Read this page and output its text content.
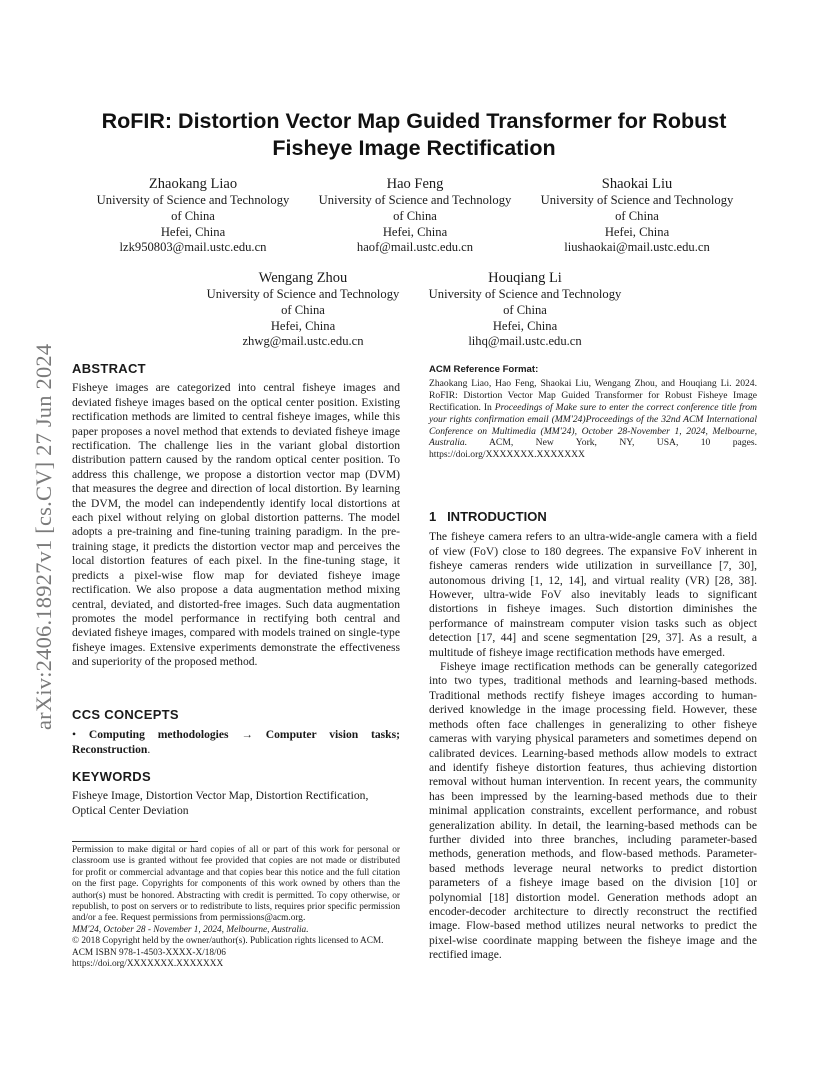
arXiv:2406.18927v1 [cs.CV] 27 Jun 2024
RoFIR: Distortion Vector Map Guided Transformer for Robust Fisheye Image Rectification
Zhaokang Liao
University of Science and Technology
of China
Hefei, China
lzk950803@mail.ustc.edu.cn
Hao Feng
University of Science and Technology
of China
Hefei, China
haof@mail.ustc.edu.cn
Shaokai Liu
University of Science and Technology
of China
Hefei, China
liushaokai@mail.ustc.edu.cn
Wengang Zhou
University of Science and Technology
of China
Hefei, China
zhwg@mail.ustc.edu.cn
Houqiang Li
University of Science and Technology
of China
Hefei, China
lihq@mail.ustc.edu.cn
ABSTRACT

Fisheye images are categorized into central fisheye images and deviated fisheye images based on the optical center position. Existing rectification methods are limited to central fisheye images, while this paper proposes a novel method that extends to deviated fisheye image rectification. The challenge lies in the variant global distortion distribution pattern caused by the random optical center position. To address this challenge, we propose a distortion vector map (DVM) that measures the degree and direction of local distortion. By learning the DVM, the model can independently identify local distortions at each pixel without relying on global distortion patterns. The model adopts a pre-training and fine-tuning training paradigm. In the pre-training stage, it predicts the distortion vector map and perceives the local distortion features of each pixel. In the fine-tuning stage, it predicts a pixel-wise flow map for deviated fisheye image rectification. We also propose a data augmentation method mixing central, deviated, and distorted-free images. Such data augmentation promotes the model performance in rectifying both central and deviated fisheye images, compared with models trained on single-type fisheye images. Extensive experiments demonstrate the effectiveness and superiority of the proposed method.

CCS CONCEPTS

• Computing methodologies → Computer vision tasks; Reconstruction.

KEYWORDS

Fisheye Image, Distortion Vector Map, Distortion Rectification, Optical Center Deviation

Permission to make digital or hard copies of all or part of this work for personal or classroom use is granted without fee provided that copies are not made or distributed for profit or commercial advantage and that copies bear this notice and the full citation on the first page. Copyrights for components of this work owned by others than the author(s) must be honored. Abstracting with credit is permitted. To copy otherwise, or republish, to post on servers or to redistribute to lists, requires prior specific permission and/or a fee. Request permissions from permissions@acm.org.

MM'24, October 28 - November 1, 2024, Melbourne, Australia.

© 2018 Copyright held by the owner/author(s). Publication rights licensed to ACM.

ACM ISBN 978-1-4503-XXXX-X/18/06

https://doi.org/XXXXXXX.XXXXXXX

ACM Reference Format:

Zhaokang Liao, Hao Feng, Shaokai Liu, Wengang Zhou, and Houqiang Li. 2024. RoFIR: Distortion Vector Map Guided Transformer for Robust Fisheye Image Rectification. In Proceedings of Make sure to enter the correct conference title from your rights confirmation email (MM'24)Proceedings of the 32nd ACM International Conference on Multimedia (MM'24), October 28-November 1, 2024, Melbourne, Australia. ACM, New York, NY, USA, 10 pages. https://doi.org/XXXXXXX.XXXXXXX

1   INTRODUCTION

The fisheye camera refers to an ultra-wide-angle camera with a field of view (FoV) close to 180 degrees. The expansive FoV inherent in fisheye cameras renders wide utilization in surveillance [7, 30], autonomous driving [1, 12, 14], and virtual reality (VR) [28, 38]. However, ultra-wide FoV also inevitably leads to significant distortions in fisheye images. Such distortion diminishes the performance of mainstream computer vision tasks such as object detection [17, 44] and scene segmentation [29, 37]. As a result, a multitude of fisheye image rectification methods have emerged.

Fisheye image rectification methods can be generally categorized into two types, traditional methods and learning-based methods. Traditional methods rectify fisheye images according to human-derived knowledge in the image processing field. However, these methods often face challenges in generalizing to other fisheye cameras with varying physical parameters and sometimes depend on calibrated devices. Learning-based methods allow models to extract and identify fisheye distortion features, thus achieving distortion removal without human intervention. In recent years, the community has been impressed by the learning-based methods due to their minimal application constraints, excellent performance, and robust generalization ability. In detail, the learning-based methods can be further divided into three branches, including parameter-based methods, generation methods, and flow-based methods. Parameter-based methods leverage neural networks to predict distortion parameters of a fisheye image based on the division [10] or polynomial [18] distortion model. Generation methods adopt an encoder-decoder architecture to directly reconstruct the rectified image. Flow-based method utilizes neural networks to predict the pixel-wise coordinate mapping between the fisheye image and the rectified image.
